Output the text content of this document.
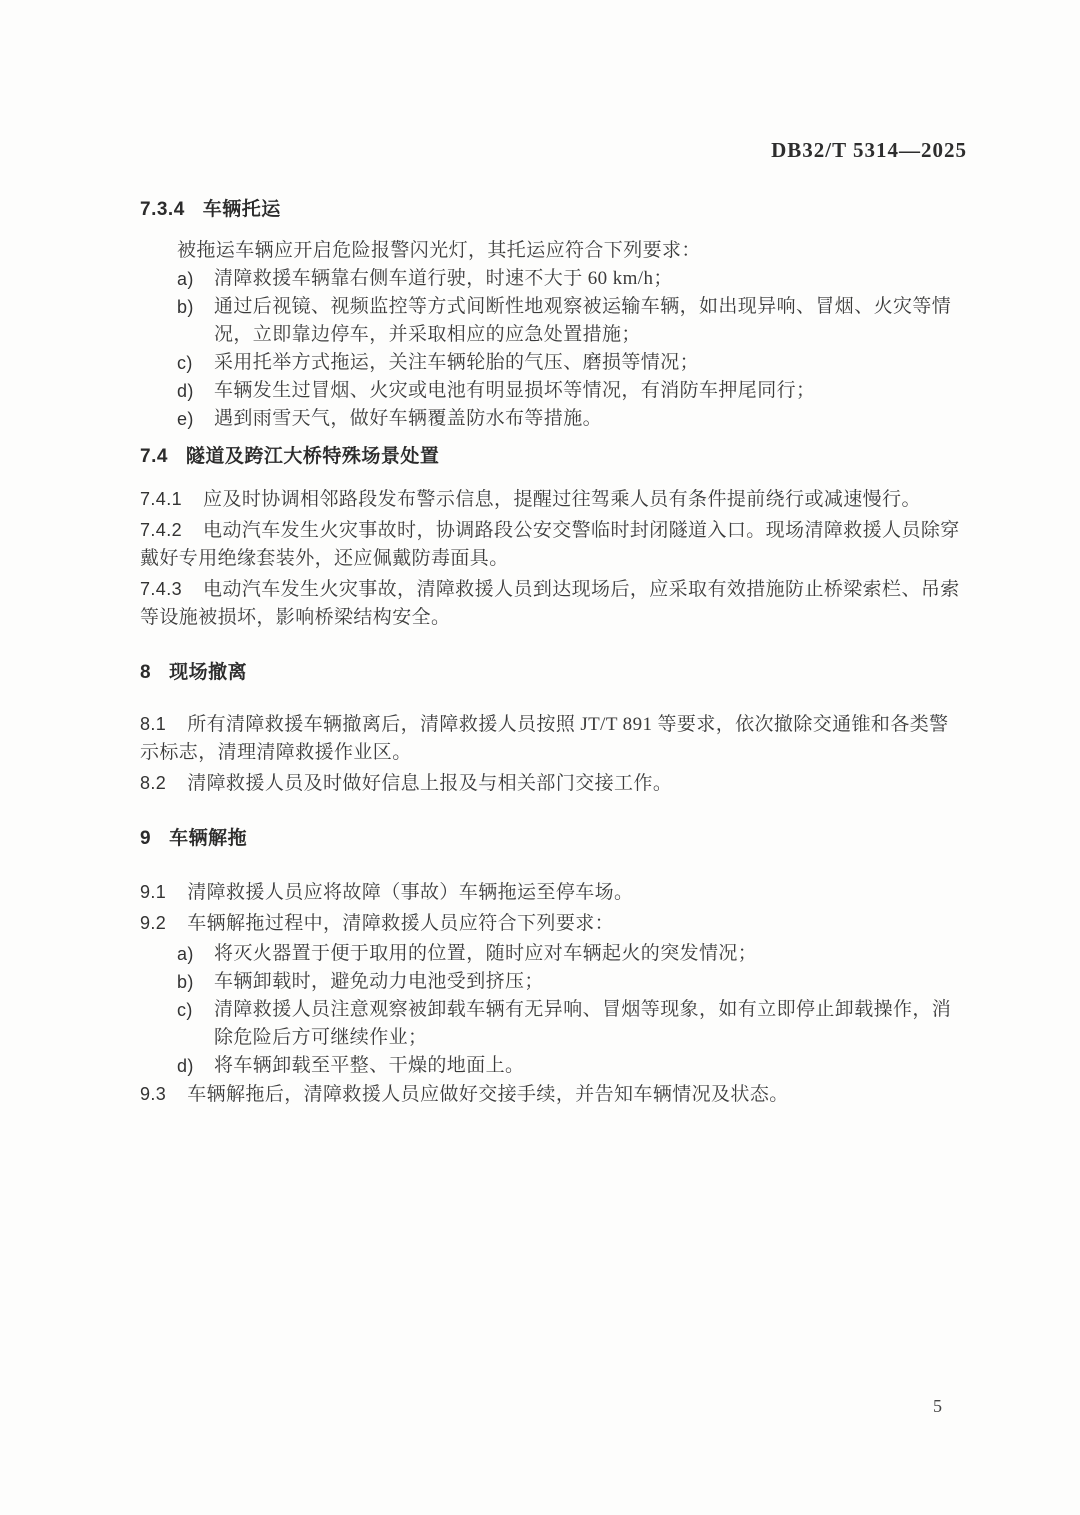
DB32/T 5314—2025
7.3.4 车辆托运

被拖运车辆应开启危险报警闪光灯，其托运应符合下列要求：

a)	清障救援车辆靠右侧车道行驶，时速不大于 60 km/h；
b)	通过后视镜、视频监控等方式间断性地观察被运输车辆，如出现异响、冒烟、火灾等情况，立即靠边停车，并采取相应的应急处置措施；
c)	采用托举方式拖运，关注车辆轮胎的气压、磨损等情况；
d)	车辆发生过冒烟、火灾或电池有明显损坏等情况，有消防车押尾同行；
e)	遇到雨雪天气，做好车辆覆盖防水布等措施。
7.4 隧道及跨江大桥特殊场景处置

7.4.1 应及时协调相邻路段发布警示信息，提醒过往驾乘人员有条件提前绕行或减速慢行。

7.4.2 电动汽车发生火灾事故时，协调路段公安交警临时封闭隧道入口。现场清障救援人员除穿戴好专用绝缘套装外，还应佩戴防毒面具。

7.4.3 电动汽车发生火灾事故，清障救援人员到达现场后，应采取有效措施防止桥梁索栏、吊索等设施被损坏，影响桥梁结构安全。

8 现场撤离

8.1 所有清障救援车辆撤离后，清障救援人员按照 JT/T 891 等要求，依次撤除交通锥和各类警示标志，清理清障救援作业区。

8.2 清障救援人员及时做好信息上报及与相关部门交接工作。

9 车辆解拖

9.1 清障救援人员应将故障（事故）车辆拖运至停车场。

9.2 车辆解拖过程中，清障救援人员应符合下列要求：

a)	将灭火器置于便于取用的位置，随时应对车辆起火的突发情况；
b)	车辆卸载时，避免动力电池受到挤压；
c)	清障救援人员注意观察被卸载车辆有无异响、冒烟等现象，如有立即停止卸载操作，消除危险后方可继续作业；
d)	将车辆卸载至平整、干燥的地面上。

9.3 车辆解拖后，清障救援人员应做好交接手续，并告知车辆情况及状态。

5
